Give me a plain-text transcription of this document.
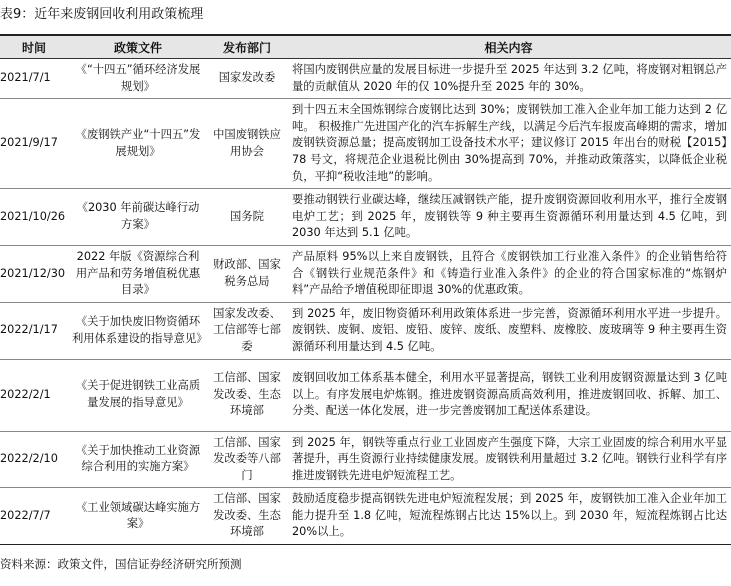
表9：近年来废钢回收利用政策梳理
时间	政策文件	发布部门	相关内容
2021/7/1	《“十四五”循环经济发展规划》	国家发改委	将国内废钢供应量的发展目标进一步提升至 2025 年达到 3.2 亿吨，将废钢对粗钢总产量的贡献值从 2020 年的仅 10%提升至 2025 年的 30%。
2021/9/17	《废钢铁产业“十四五”发展规划》	中国废钢铁应用协会	到十四五末全国炼钢综合废钢比达到 30%；废钢铁加工准入企业年加工能力达到 2 亿吨。 积极推广先进国产化的汽车拆解生产线，以满足今后汽车报废高峰期的需求，增加废钢铁资源总量；提高废钢加工设备技术水平；建议修订 2015 年出台的财税【2015】78 号文，将规范企业退税比例由 30%提高到 70%，并推动政策落实，以降低企业税负，平抑“税收洼地”的影响。
2021/10/26	《2030 年前碳达峰行动方案》	国务院	要推动钢铁行业碳达峰，继续压减钢铁产能，提升废钢资源回收利用水平，推行全废钢电炉工艺；到 2025 年，废钢铁等 9 种主要再生资源循环利用量达到 4.5 亿吨，到 2030 年达到 5.1 亿吨。
2021/12/30	2022 年版《资源综合利用产品和劳务增值税优惠目录》	财政部、国家税务总局	产品原料 95%以上来自废钢铁，且符合《废钢铁加工行业准入条件》的企业销售给符合《钢铁行业规范条件》和《铸造行业准入条件》的企业的符合国家标准的“炼钢炉料”产品给予增值税即征即退 30%的优惠政策。
2022/1/17	《关于加快废旧物资循环利用体系建设的指导意见》	国家发改委、工信部等七部委	到 2025 年，废旧物资循环利用政策体系进一步完善，资源循环利用水平进一步提升。废钢铁、废铜、废铝、废铅、废锌、废纸、废塑料、废橡胶、废玻璃等 9 种主要再生资源循环利用量达到 4.5 亿吨。
2022/2/1	《关于促进钢铁工业高质量发展的指导意见》	工信部、国家发改委、生态环境部	废钢回收加工体系基本健全，利用水平显著提高，钢铁工业利用废钢资源量达到 3 亿吨以上。有序发展电炉炼钢。推进废钢资源高质高效利用，推进废钢回收、拆解、加工、分类、配送一体化发展，进一步完善废钢加工配送体系建设。
2022/2/10	《关于加快推动工业资源综合利用的实施方案》	工信部、国家发改委等八部门	到 2025 年，钢铁等重点行业工业固废产生强度下降，大宗工业固废的综合利用水平显著提升，再生资源行业持续健康发展。废钢铁利用量超过 3.2 亿吨。钢铁行业科学有序推进废钢铁先进电炉短流程工艺。
2022/7/7	《工业领域碳达峰实施方案》	工信部、国家发改委、生态环境部	鼓励适度稳步提高钢铁先进电炉短流程发展；到 2025 年，废钢铁加工准入企业年加工能力提升至 1.8 亿吨，短流程炼钢占比达 15%以上。到 2030 年，短流程炼钢占比达 20%以上。
资料来源：政策文件，国信证券经济研究所预测
